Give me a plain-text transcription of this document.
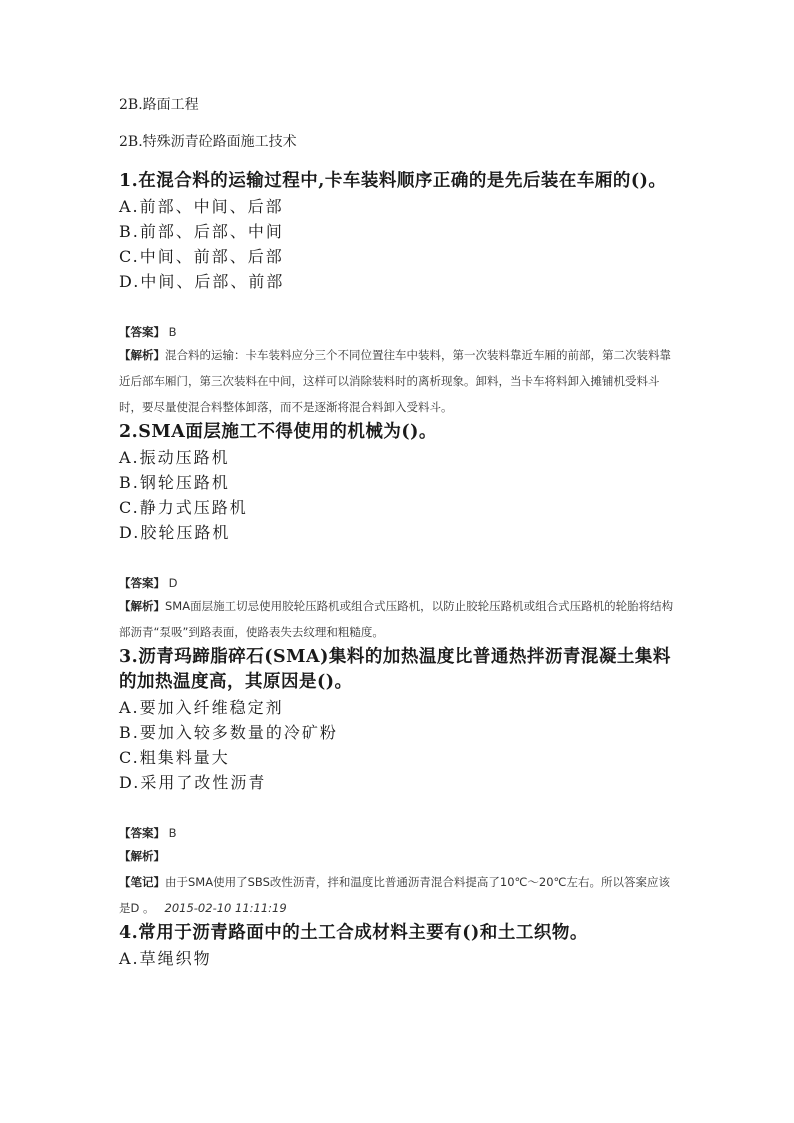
2B.路面工程

2B.特殊沥青砼路面施工技术

1.在混合料的运输过程中,卡车装料顺序正确的是先后装在车厢的()。

A.前部、中间、后部
B.前部、后部、中间
C.中间、前部、后部
D.中间、后部、前部

【答案】 B

【解析】混合料的运输：卡车装料应分三个不同位置往车中装料，第一次装料靠近车厢的前部，第二次装料靠近后部车厢门，第三次装料在中间，这样可以消除装料时的离析现象。卸料，当卡车将料卸入摊铺机受料斗时，要尽量使混合料整体卸落，而不是逐渐将混合料卸入受料斗。

2.SMA面层施工不得使用的机械为()。

A.振动压路机
B.钢轮压路机
C.静力式压路机
D.胶轮压路机

【答案】 D

【解析】SMA面层施工切忌使用胶轮压路机或组合式压路机，以防止胶轮压路机或组合式压路机的轮胎将结构部沥青“泵吸”到路表面，使路表失去纹理和粗糙度。

3.沥青玛蹄脂碎石(SMA)集料的加热温度比普通热拌沥青混凝土集料的加热温度高，其原因是()。

A.要加入纤维稳定剂
B.要加入较多数量的冷矿粉
C.粗集料量大
D.采用了改性沥青

【答案】 B

【解析】

【笔记】由于SMA使用了SBS改性沥青，拌和温度比普通沥青混合料提高了10℃～20℃左右。所以答案应该是D 。 2015-02-10 11:11:19

4.常用于沥青路面中的土工合成材料主要有()和土工织物。

A.草绳织物
